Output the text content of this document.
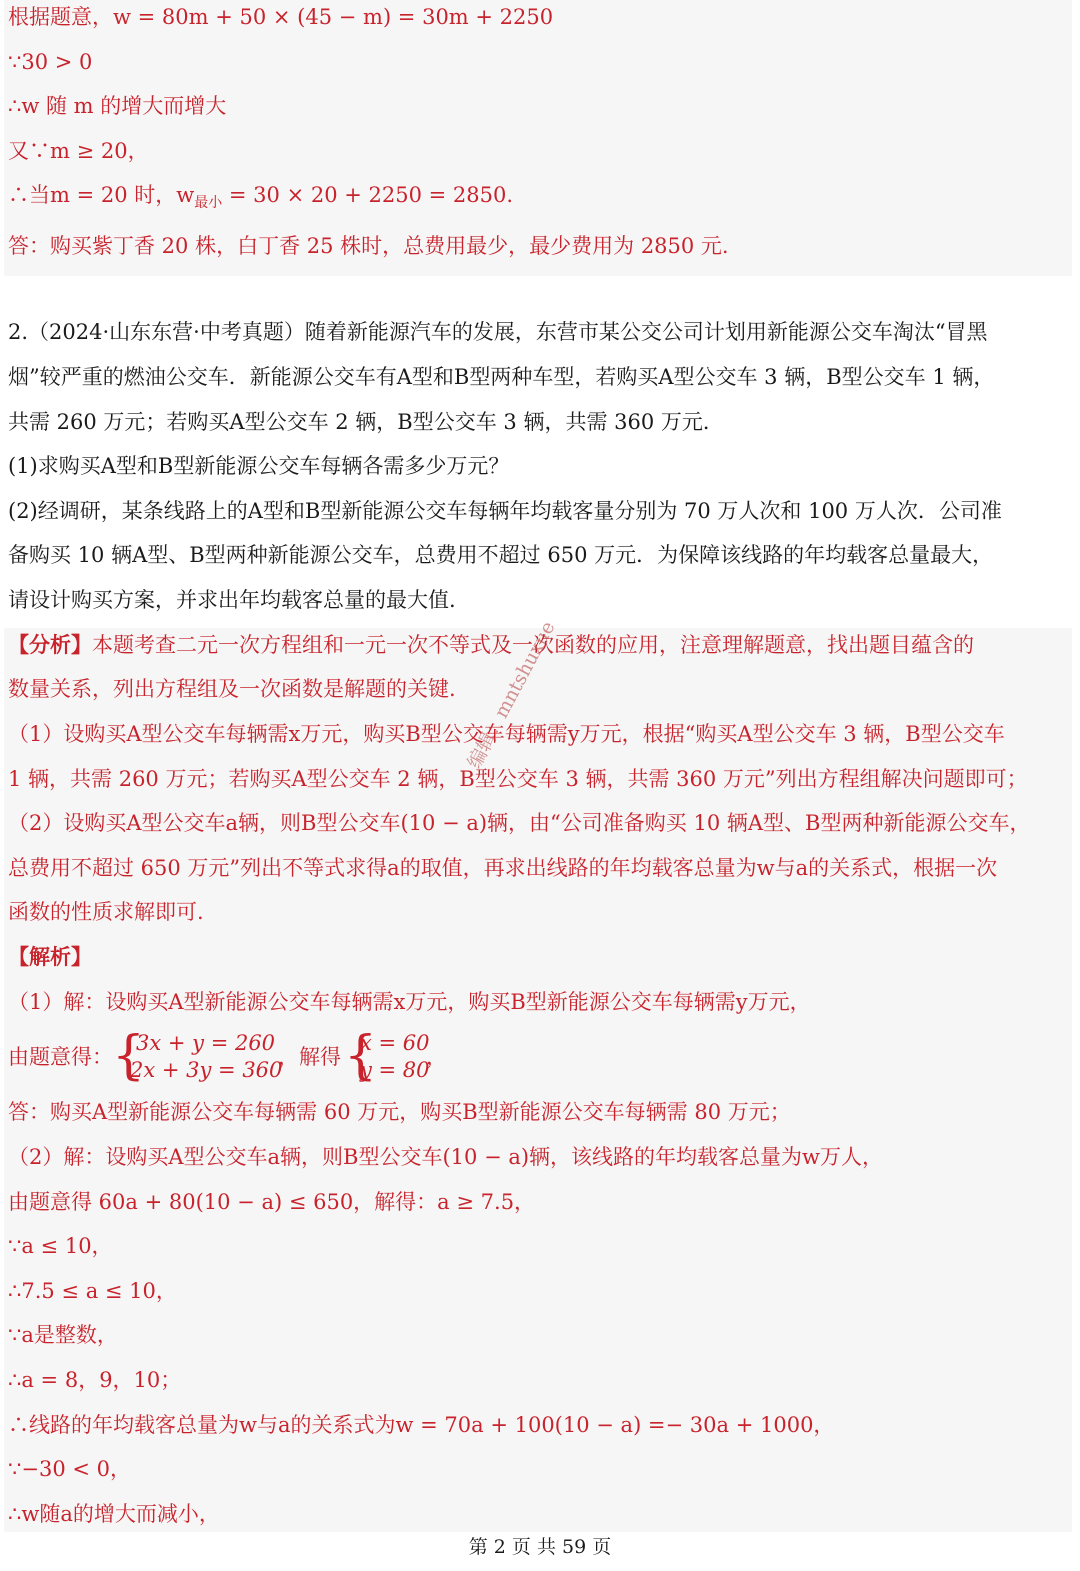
根据题意，w = 80m + 50 × (45 − m) = 30m + 2250
∵30 > 0
∴w 随 m 的增大而增大
又∵m ≥ 20，
∴当m = 20 时，$w_{最小} = 30 \times 20 + 2250 = 2850$.
答：购买紫丁香 20 株，白丁香 25 株时，总费用最少，最少费用为 2850 元.
2.（2024·山东东营·中考真题）随着新能源汽车的发展，东营市某公交公司计划用新能源公交车淘汰“冒黑
烟”较严重的燃油公交车．新能源公交车有A型和B型两种车型，若购买A型公交车 3 辆，B型公交车 1 辆，
共需 260 万元；若购买A型公交车 2 辆，B型公交车 3 辆，共需 360 万元．
(1)求购买A型和B型新能源公交车每辆各需多少万元？
(2)经调研，某条线路上的A型和B型新能源公交车每辆年均载客量分别为 70 万人次和 100 万人次．公司准
备购买 10 辆A型、B型两种新能源公交车，总费用不超过 650 万元．为保障该线路的年均载客总量最大，
请设计购买方案，并求出年均载客总量的最大值.
【分析】本题考查二元一次方程组和一元一次不等式及一次函数的应用，注意理解题意，找出题目蕴含的
数量关系，列出方程组及一次函数是解题的关键.
（1）设购买A型公交车每辆需x万元，购买B型公交车每辆需y万元，根据“购买A型公交车 3 辆，B型公交车
1 辆，共需 260 万元；若购买A型公交车 2 辆，B型公交车 3 辆，共需 360 万元”列出方程组解决问题即可；
（2）设购买A型公交车a辆，则B型公交车(10 − a)辆，由“公司准备购买 10 辆A型、B型两种新能源公交车，
总费用不超过 650 万元”列出不等式求得a的取值，再求出线路的年均载客总量为w与a的关系式，根据一次
函数的性质求解即可.
【解析】
（1）解：设购买A型新能源公交车每辆需x万元，购买B型新能源公交车每辆需y万元，
由题意得： {
3x + y = 260
2x + 3y = 360
，解得 {
x = 60
y = 80
，
答：购买A型新能源公交车每辆需 60 万元，购买B型新能源公交车每辆需 80 万元；
（2）解：设购买A型公交车a辆，则B型公交车(10 − a)辆，该线路的年均载客总量为w万人，
由题意得 60a + 80(10 − a) ≤ 650，解得：a ≥ 7.5，
∵a ≤ 10，
∴7.5 ≤ a ≤ 10，
∵a是整数，
∴a = 8，9，10；
∴线路的年均载客总量为w与a的关系式为w = 70a + 100(10 − a) =− 30a + 1000，
∵−30 < 0，
∴w随a的增大而减小，
编辑：mntshuxue
第 2 页 共 59 页
